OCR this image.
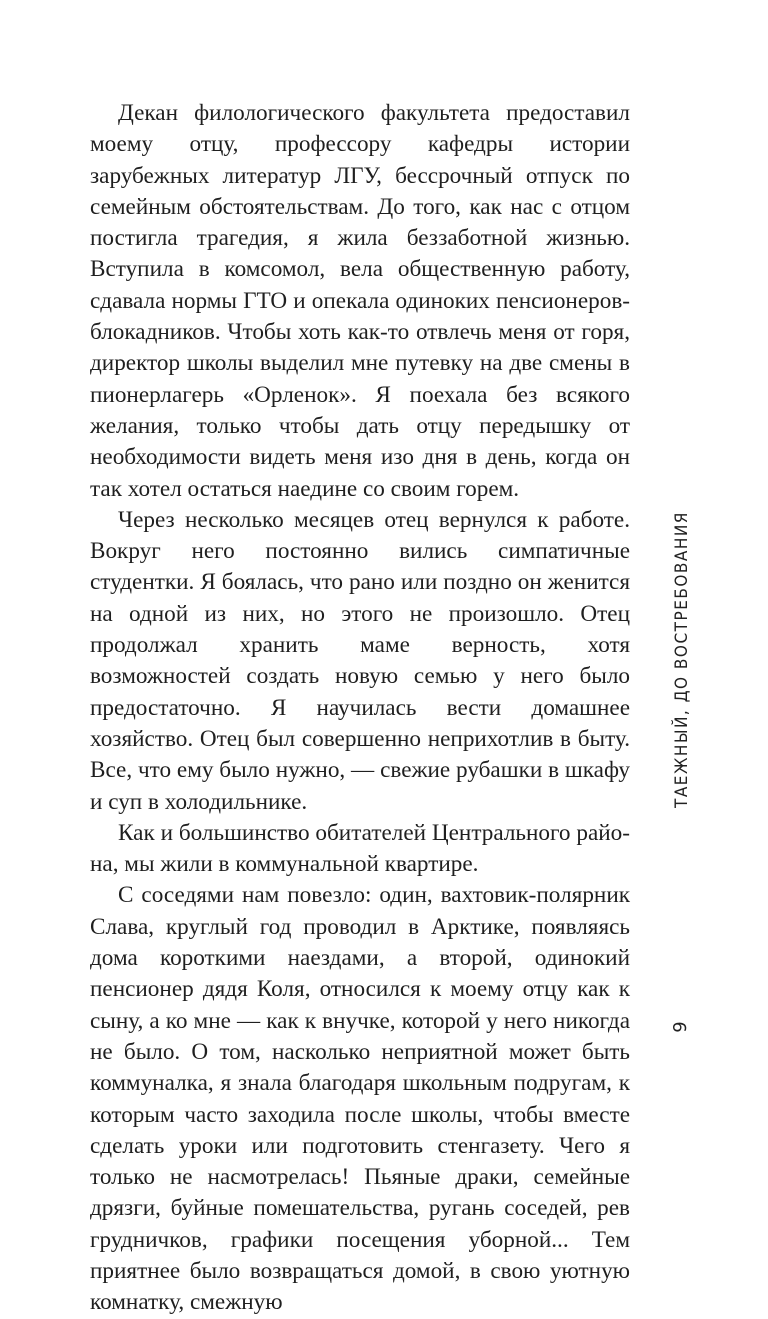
Декан филологического факультета предоставил моему отцу, профессору кафедры истории зарубежных литератур ЛГУ, бессрочный отпуск по семейным обстоятельствам. До того, как нас с отцом постигла трагедия, я жила беззаботной жизнью. Вступила в комсомол, вела общественную работу, сдавала нормы ГТО и опекала одиноких пенсионеров-блокадников. Чтобы хоть как-то отвлечь меня от горя, директор школы выделил мне путевку на две смены в пионерлагерь «Орленок». Я поехала без всякого желания, только чтобы дать отцу передышку от необходимости видеть меня изо дня в день, когда он так хотел остаться наедине со своим горем.

Через несколько месяцев отец вернулся к работе. Вокруг него постоянно вились симпатичные студентки. Я боялась, что рано или поздно он женится на одной из них, но этого не произошло. Отец продолжал хранить маме верность, хотя возможностей создать новую семью у него было предостаточно. Я научилась вести домашнее хозяйство. Отец был совершенно неприхотлив в быту. Все, что ему было нужно, — свежие рубашки в шкафу и суп в холодильнике.

Как и большинство обитателей Центрального района, мы жили в коммунальной квартире.

С соседями нам повезло: один, вахтовик-полярник Слава, круглый год проводил в Арктике, появляясь дома короткими наездами, а второй, одинокий пенсионер дядя Коля, относился к моему отцу как к сыну, а ко мне — как к внучке, которой у него никогда не было. О том, насколько неприятной может быть коммуналка, я знала благодаря школьным подругам, к которым часто заходила после школы, чтобы вместе сделать уроки или подготовить стенгазету. Чего я только не насмотрелась! Пьяные драки, семейные дрязги, буйные помешательства, ругань соседей, рев грудничков, графики посещения уборной... Тем приятнее было возвращаться домой, в свою уютную комнатку, смежную

ТАЕЖНЫЙ, ДО ВОСТРЕБОВАНИЯ
9
